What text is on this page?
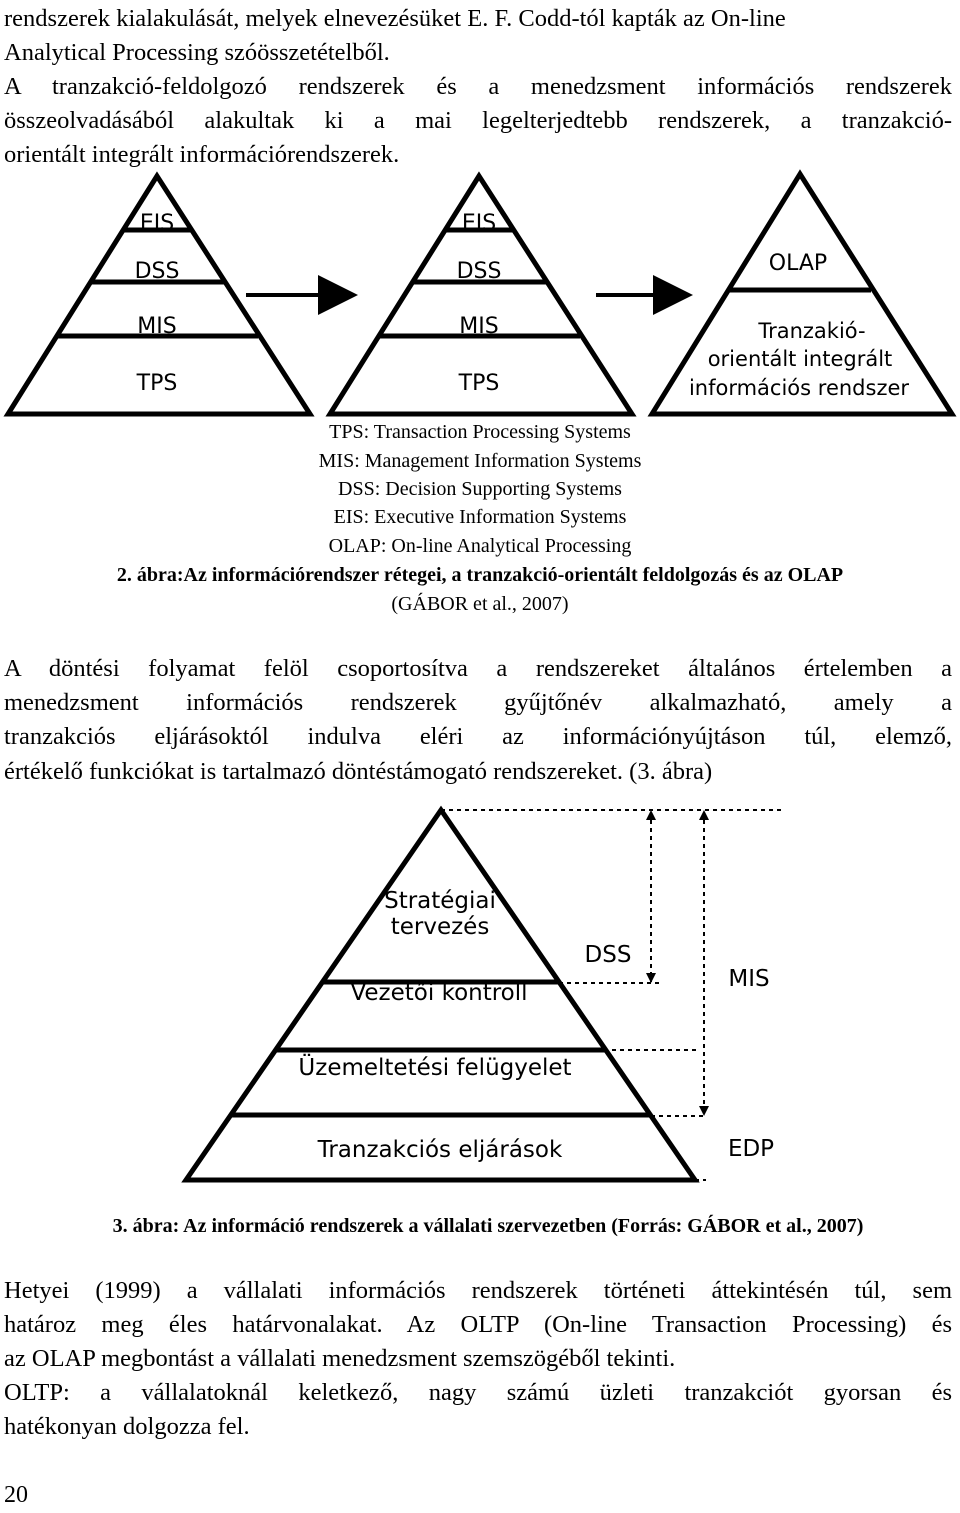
rendszerek kialakulását, melyek elnevezésüket E. F. Codd-tól kapták az On-line
Analytical Processing szóösszetételből.
A tranzakció-feldolgozó rendszerek és a menedzsment információs rendszerek
összeolvadásából alakultak ki a mai legelterjedtebb rendszerek, a tranzakció-
orientált integrált információrendszerek.
EIS
DSS
MIS
TPS
EIS
DSS
MIS
TPS
OLAP
Tranzakió-
orientált integrált
információs rendszer
TPS: Transaction Processing Systems
MIS: Management Information Systems
DSS: Decision Supporting Systems
EIS: Executive Information Systems
OLAP: On-line Analytical Processing
2. ábra:Az információrendszer rétegei, a tranzakció-orientált feldolgozás és az OLAP
(GÁBOR et al., 2007)
A döntési folyamat felöl csoportosítva a rendszereket általános értelemben a
menedzsment információs rendszerek gyűjtőnév alkalmazható, amely a
tranzakciós eljárásoktól indulva eléri az információnyújtáson túl, elemző,
értékelő funkciókat is tartalmazó döntéstámogató rendszereket. (3. ábra)
Stratégiai
tervezés
Vezetői kontroll
Üzemeltetési felügyelet
Tranzakciós eljárások
DSS
MIS
EDP
3. ábra: Az információ rendszerek a vállalati szervezetben (Forrás: GÁBOR et al., 2007)
Hetyei (1999) a vállalati információs rendszerek történeti áttekintésén túl, sem
határoz meg éles határvonalakat. Az OLTP (On-line Transaction Processing) és
az OLAP megbontást a vállalati menedzsment szemszögéből tekinti.
OLTP: a vállalatoknál keletkező, nagy számú üzleti tranzakciót gyorsan és
hatékonyan dolgozza fel.
20
